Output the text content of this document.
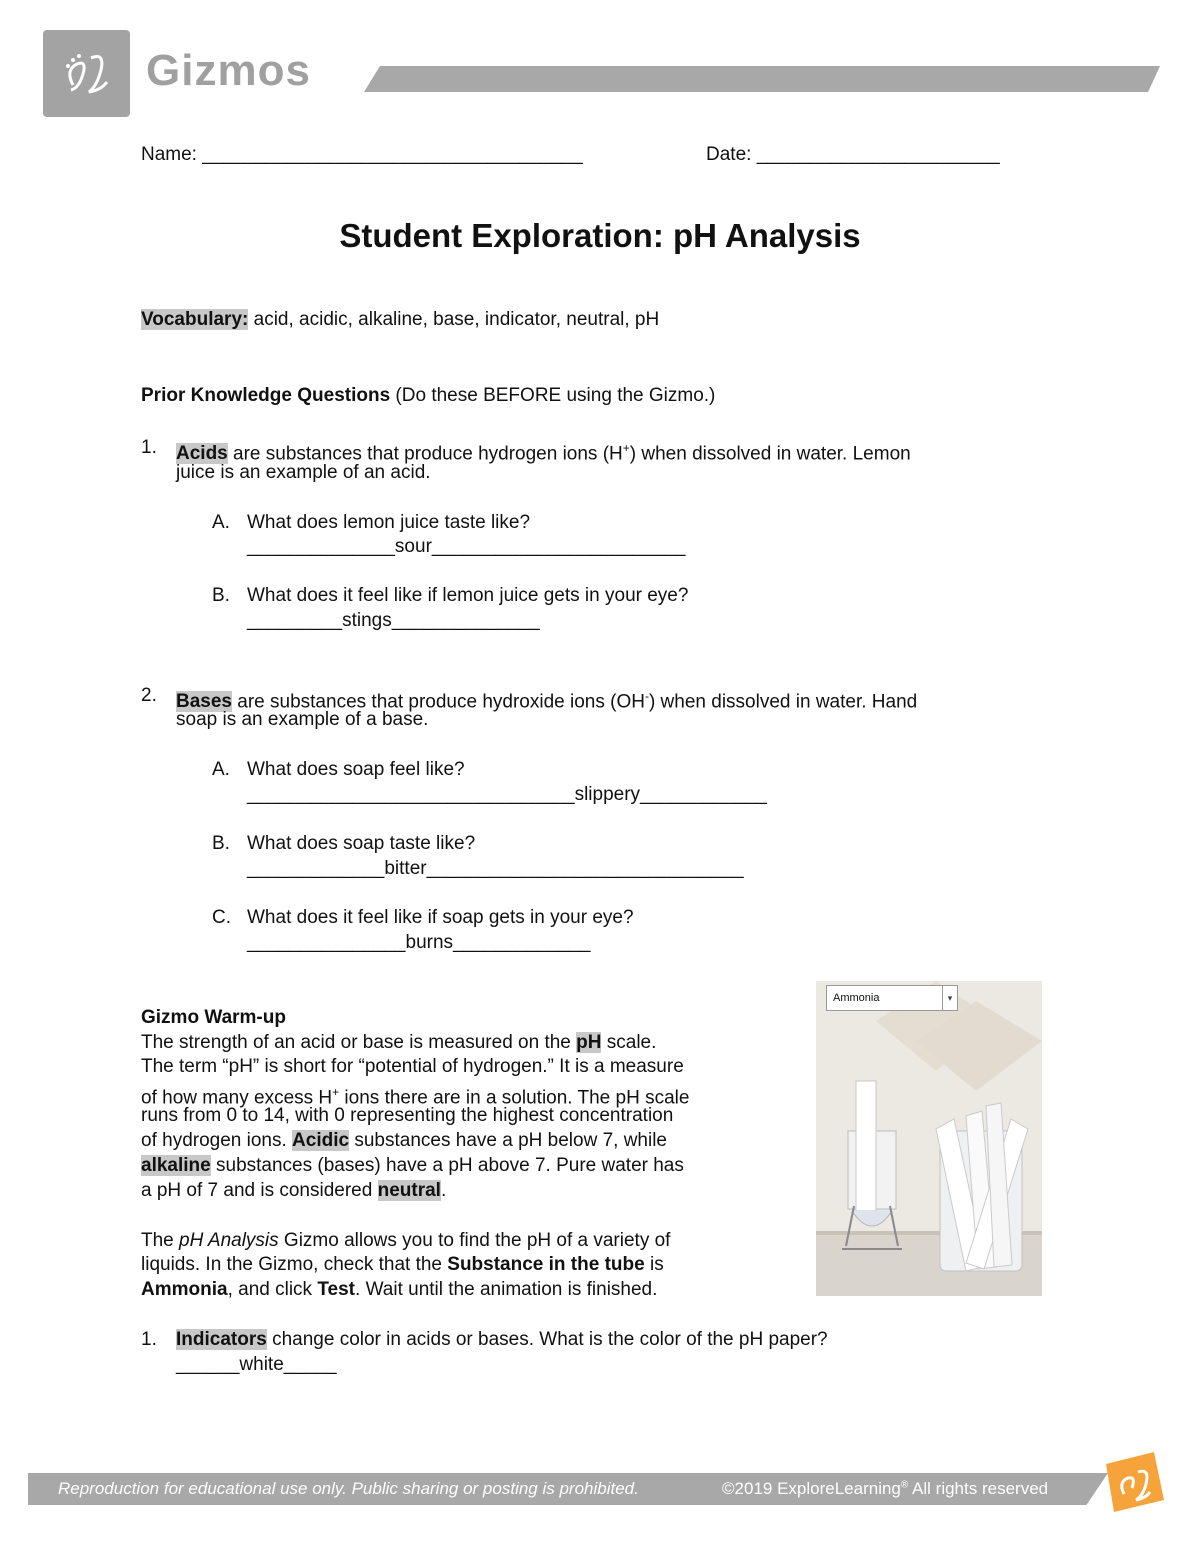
Gizmos
Name: ____________________________________	Date: _______________________
Student Exploration: pH Analysis
Vocabulary: acid, acidic, alkaline, base, indicator, neutral, pH
Prior Knowledge Questions (Do these BEFORE using the Gizmo.)
1. Acids are substances that produce hydrogen ions (H+) when dissolved in water. Lemon
juice is an example of an acid.
A. What does lemon juice taste like?
______________sour________________________
B. What does it feel like if lemon juice gets in your eye?
_________stings______________
2. Bases are substances that produce hydroxide ions (OH-) when dissolved in water. Hand
soap is an example of a base.
A. What does soap feel like?
_______________________________slippery____________
B. What does soap taste like?
_____________bitter______________________________
C. What does it feel like if soap gets in your eye?
_______________burns_____________
Gizmo Warm-up
The strength of an acid or base is measured on the pH scale.
The term “pH” is short for “potential of hydrogen.” It is a measure
of how many excess H+ ions there are in a solution. The pH scale
runs from 0 to 14, with 0 representing the highest concentration
of hydrogen ions. Acidic substances have a pH below 7, while
alkaline substances (bases) have a pH above 7. Pure water has
a pH of 7 and is considered neutral.
The pH Analysis Gizmo allows you to find the pH of a variety of
liquids. In the Gizmo, check that the Substance in the tube is
Ammonia, and click Test. Wait until the animation is finished.
1. Indicators change color in acids or bases. What is the color of the pH paper?
______white_____
Ammonia	▾
Reproduction for educational use only. Public sharing or posting is prohibited.	©2019 ExploreLearning® All rights reserved
